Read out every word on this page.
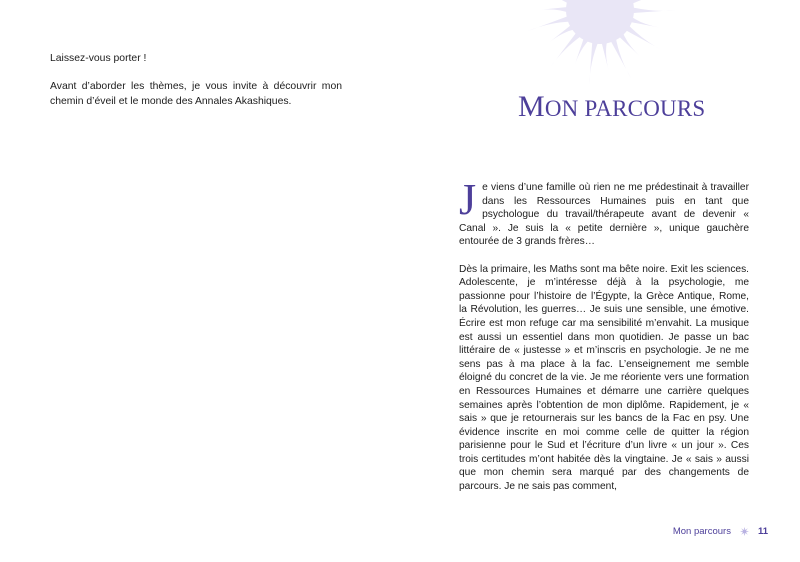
Laissez-vous porter !

Avant d’aborder les thèmes, je vous invite à découvrir mon chemin d’éveil et le monde des Annales Akashiques.	MON PARCOURS

Je viens d’une famille où rien ne me prédestinait à travailler dans les Ressources Humaines puis en tant que psychologue du travail/thérapeute avant de devenir « Canal ». Je suis la « petite dernière », unique gauchère entourée de 3 grands frères…

Dès la primaire, les Maths sont ma bête noire. Exit les sciences. Adolescente, je m’intéresse déjà à la psychologie, me passionne pour l’histoire de l’Égypte, la Grèce Antique, Rome, la Révolution, les guerres… Je suis une sensible, une émotive. Écrire est mon refuge car ma sensibilité m’envahit. La musique est aussi un essentiel dans mon quotidien. Je passe un bac littéraire de « justesse » et m’inscris en psychologie. Je ne me sens pas à ma place à la fac. L’enseignement me semble éloigné du concret de la vie. Je me réoriente vers une formation en Ressources Humaines et démarre une carrière quelques semaines après l’obtention de mon diplôme. Rapidement, je « sais » que je retournerais sur les bancs de la Fac en psy. Une évidence inscrite en moi comme celle de quitter la région parisienne pour le Sud et l’écriture d’un livre « un jour ». Ces trois certitudes m’ont habitée dès la vingtaine. Je « sais » aussi que mon chemin sera marqué par des changements de parcours. Je ne sais pas comment,

Mon parcours	11
